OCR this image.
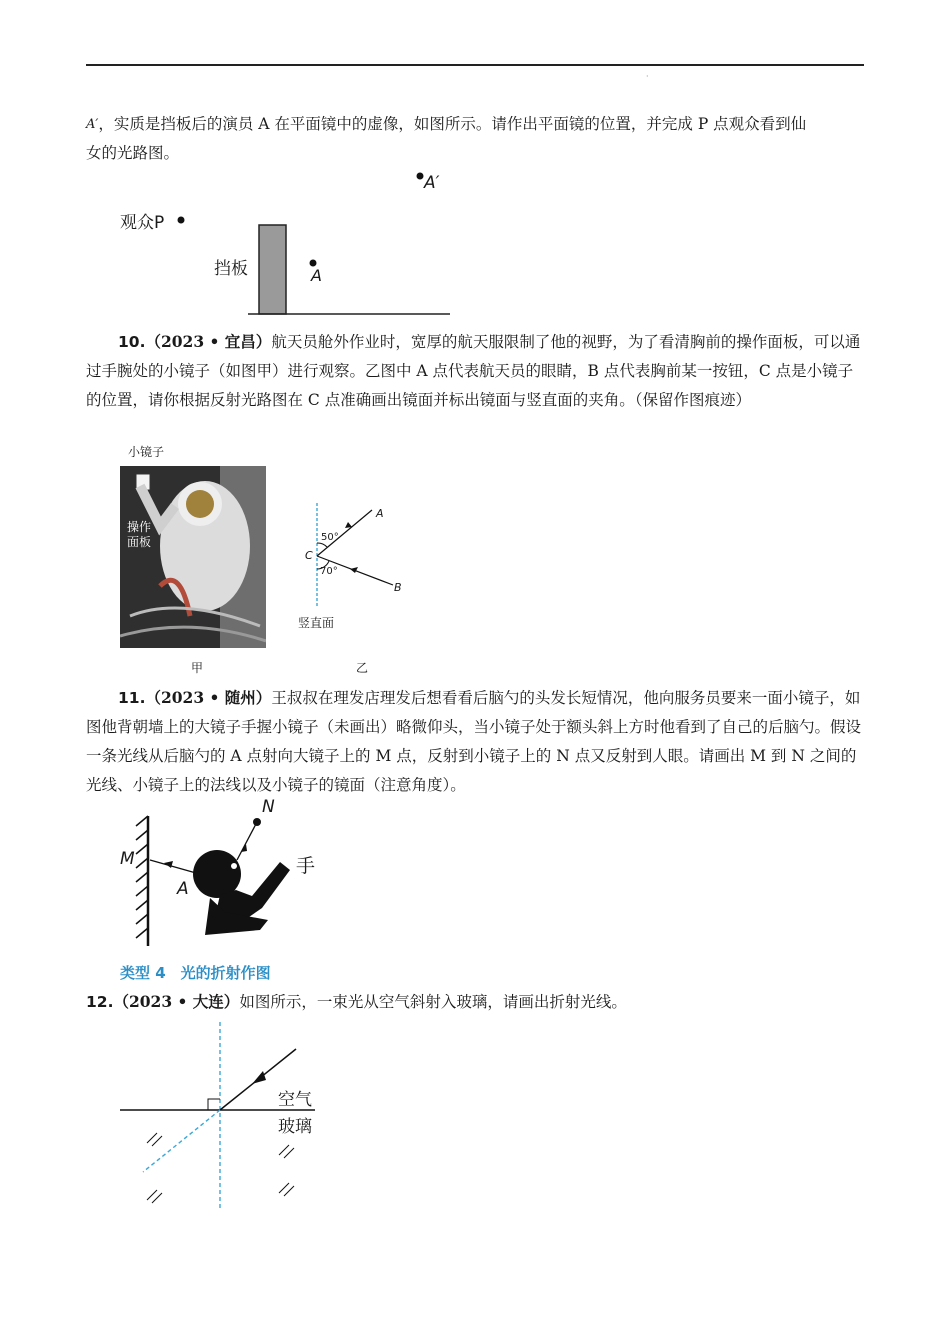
·
$^{A'}$，实质是挡板后的演员 A 在平面镜中的虚像，如图所示。请作出平面镜的位置，并完成 P 点观众看到仙
女的光路图。
A′
观众P
挡板	A
10.（2023 • 宜昌）航天员舱外作业时，宽厚的航天服限制了他的视野，为了看清胸前的操作面板，可以通过手腕处的小镜子（如图甲）进行观察。乙图中 A 点代表航天员的眼睛，B 点代表胸前某一按钮，C 点是小镜子的位置，请你根据反射光路图在 C 点准确画出镜面并标出镜面与竖直面的夹角。（保留作图痕迹）
小镜子
操作
面板
甲
A
B
C
50°
70°
竖直面
乙
11.（2023 • 随州）王叔叔在理发店理发后想看看后脑勺的头发长短情况，他向服务员要来一面小镜子，如图他背朝墙上的大镜子手握小镜子（未画出）略微仰头，当小镜子处于额头斜上方时他看到了自己的后脑勺。假设一条光线从后脑勺的 A 点射向大镜子上的 M 点，反射到小镜子上的 N 点又反射到人眼。请画出 M 到 N 之间的光线、小镜子上的法线以及小镜子的镜面（注意角度）。
M
A
N
手
类型 4　光的折射作图
12.（2023 • 大连）如图所示，一束光从空气斜射入玻璃，请画出折射光线。
空气
玻璃
